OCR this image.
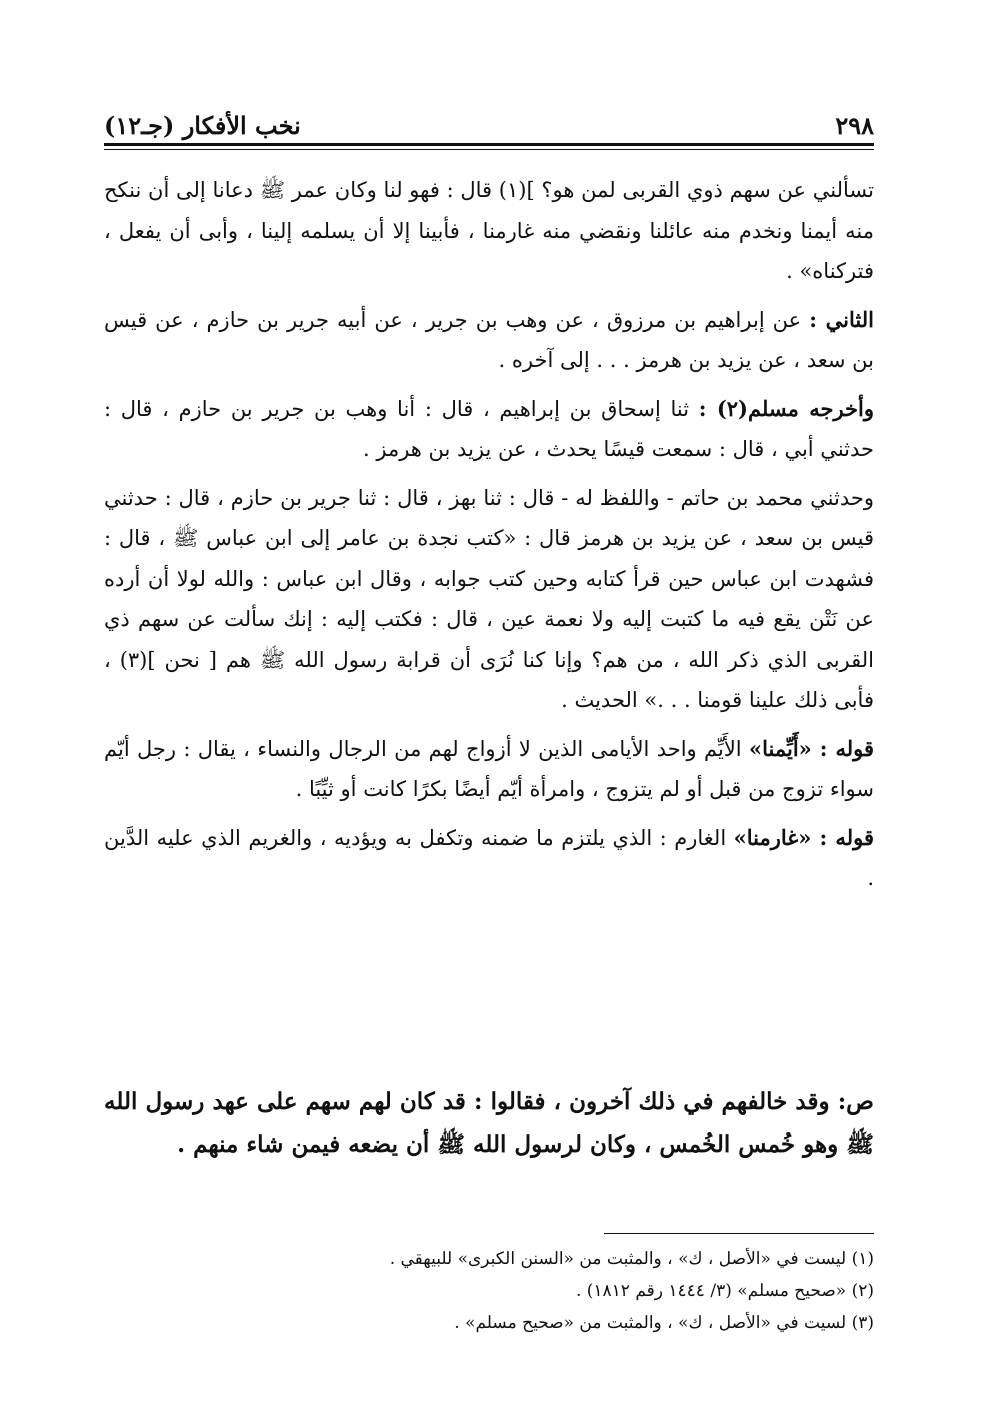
٢٩٨
نخب الأفكار (جـ١٢)

تسألني عن سهم ذوي القربى لمن هو؟ ](١) قال : فهو لنا وكان عمر ﷺ دعانا إلى أن ننكح منه أيمنا ونخدم منه عائلنا ونقضي منه غارمنا ، فأبينا إلا أن يسلمه إلينا ، وأبى أن يفعل ، فتركناه» .

الثاني : عن إبراهيم بن مرزوق ، عن وهب بن جرير ، عن أبيه جرير بن حازم ، عن قيس بن سعد ، عن يزيد بن هرمز . . . إلى آخره .

وأخرجه مسلم(٢) : ثنا إسحاق بن إبراهيم ، قال : أنا وهب بن جرير بن حازم ، قال : حدثني أبي ، قال : سمعت قيسًا يحدث ، عن يزيد بن هرمز .

وحدثني محمد بن حاتم - واللفظ له - قال : ثنا بهز ، قال : ثنا جرير بن حازم ، قال : حدثني قيس بن سعد ، عن يزيد بن هرمز قال : «كتب نجدة بن عامر إلى ابن عباس ﷺ ، قال : فشهدت ابن عباس حين قرأ كتابه وحين كتب جوابه ، وقال ابن عباس : والله لولا أن أرده عن نَتْن يقع فيه ما كتبت إليه ولا نعمة عين ، قال : فكتب إليه : إنك سألت عن سهم ذي القربى الذي ذكر الله ، من هم؟ وإنا كنا نُرَى أن قرابة رسول الله ﷺ هم [ نحن ](٣) ، فأبى ذلك علينا قومنا . . .» الحديث .

قوله : «أَيِّمنا» الأَيِّم واحد الأيامى الذين لا أزواج لهم من الرجال والنساء ، يقال : رجل أيّم سواء تزوج من قبل أو لم يتزوج ، وامرأة أيّم أيضًا بكرًا كانت أو ثيِّبًا .

قوله : «غارمنا» الغارم : الذي يلتزم ما ضمنه وتكفل به ويؤديه ، والغريم الذي عليه الدَّين .

ص: وقد خالفهم في ذلك آخرون ، فقالوا : قد كان لهم سهم على عهد رسول الله ﷺ وهو خُمس الخُمس ، وكان لرسول الله ﷺ أن يضعه فيمن شاء منهم .

(١) ليست في «الأصل ، ك» ، والمثبت من «السنن الكبرى» للبيهقي .

(٢) «صحيح مسلم» (٣/ ١٤٤٤ رقم ١٨١٢) .

(٣) لسيت في «الأصل ، ك» ، والمثبت من «صحيح مسلم» .
